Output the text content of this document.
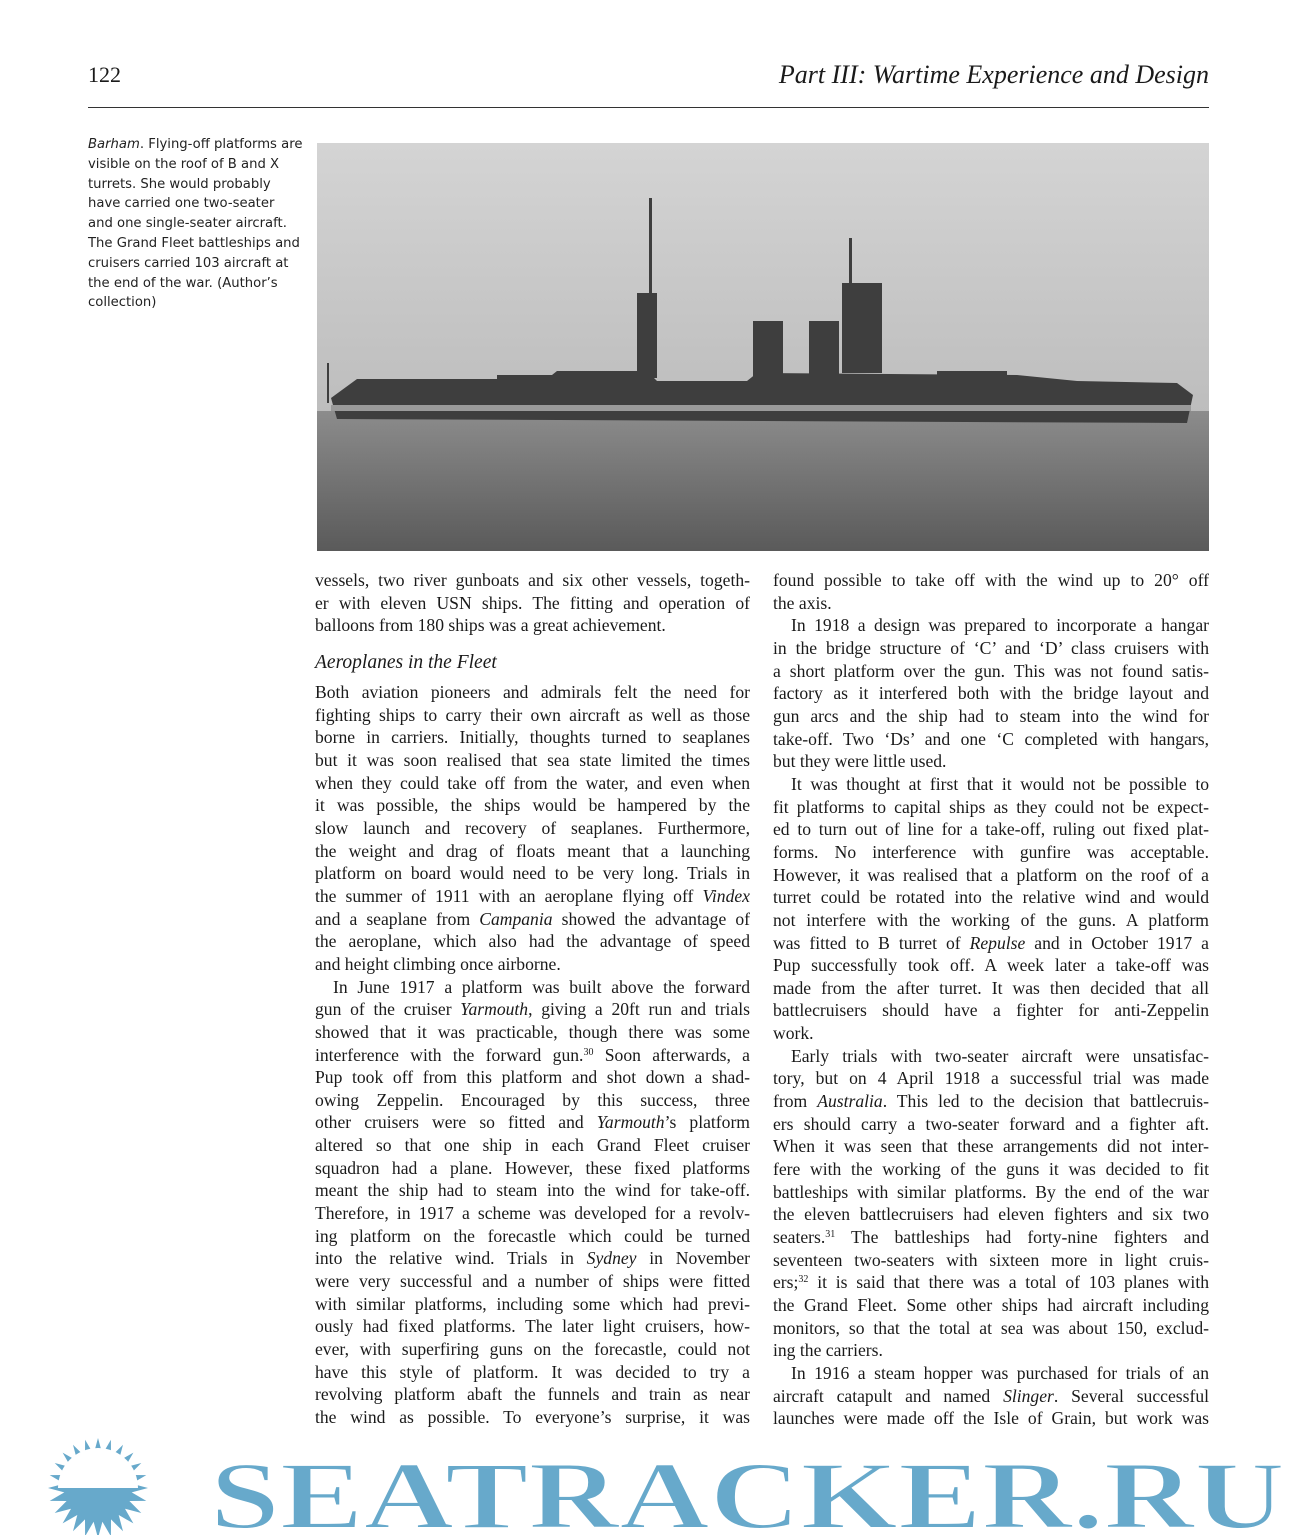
122	Part III: Wartime Experience and Design
Barham. Flying-off platforms are visible on the roof of B and X turrets. She would probably have carried one two-seater and one single-seater aircraft. The Grand Fleet battleships and cruisers carried 103 aircraft at the end of the war. (Author’s collection)
vessels, two river gunboats and six other vessels, togeth-
er with eleven USN ships. The fitting and operation of
balloons from 180 ships was a great achievement.
Aeroplanes in the Fleet
Both aviation pioneers and admirals felt the need for
fighting ships to carry their own aircraft as well as those
borne in carriers. Initially, thoughts turned to seaplanes
but it was soon realised that sea state limited the times
when they could take off from the water, and even when
it was possible, the ships would be hampered by the
slow launch and recovery of seaplanes. Furthermore,
the weight and drag of floats meant that a launching
platform on board would need to be very long. Trials in
the summer of 1911 with an aeroplane flying off Vindex
and a seaplane from Campania showed the advantage of
the aeroplane, which also had the advantage of speed
and height climbing once airborne.
In June 1917 a platform was built above the forward
gun of the cruiser Yarmouth, giving a 20ft run and trials
showed that it was practicable, though there was some
interference with the forward gun.$^{30}$ Soon afterwards, a
Pup took off from this platform and shot down a shad-
owing Zeppelin. Encouraged by this success, three
other cruisers were so fitted and Yarmouth’s platform
altered so that one ship in each Grand Fleet cruiser
squadron had a plane. However, these fixed platforms
meant the ship had to steam into the wind for take-off.
Therefore, in 1917 a scheme was developed for a revolv-
ing platform on the forecastle which could be turned
into the relative wind. Trials in Sydney in November
were very successful and a number of ships were fitted
with similar platforms, including some which had previ-
ously had fixed platforms. The later light cruisers, how-
ever, with superfiring guns on the forecastle, could not
have this style of platform. It was decided to try a
revolving platform abaft the funnels and train as near
the wind as possible. To everyone’s surprise, it was
found possible to take off with the wind up to 20° off
the axis.
In 1918 a design was prepared to incorporate a hangar
in the bridge structure of ‘C’ and ‘D’ class cruisers with
a short platform over the gun. This was not found satis-
factory as it interfered both with the bridge layout and
gun arcs and the ship had to steam into the wind for
take-off. Two ‘Ds’ and one ‘C completed with hangars,
but they were little used.
It was thought at first that it would not be possible to
fit platforms to capital ships as they could not be expect-
ed to turn out of line for a take-off, ruling out fixed plat-
forms. No interference with gunfire was acceptable.
However, it was realised that a platform on the roof of a
turret could be rotated into the relative wind and would
not interfere with the working of the guns. A platform
was fitted to B turret of Repulse and in October 1917 a
Pup successfully took off. A week later a take-off was
made from the after turret. It was then decided that all
battlecruisers should have a fighter for anti-Zeppelin
work.
Early trials with two-seater aircraft were unsatisfac-
tory, but on 4 April 1918 a successful trial was made
from Australia. This led to the decision that battlecruis-
ers should carry a two-seater forward and a fighter aft.
When it was seen that these arrangements did not inter-
fere with the working of the guns it was decided to fit
battleships with similar platforms. By the end of the war
the eleven battlecruisers had eleven fighters and six two
seaters.$^{31}$ The battleships had forty-nine fighters and
seventeen two-seaters with sixteen more in light cruis-
ers;$^{32}$ it is said that there was a total of 103 planes with
the Grand Fleet. Some other ships had aircraft including
monitors, so that the total at sea was about 150, exclud-
ing the carriers.
In 1916 a steam hopper was purchased for trials of an
aircraft catapult and named Slinger. Several successful
launches were made off the Isle of Grain, but work was
SEATRACKER.RU
